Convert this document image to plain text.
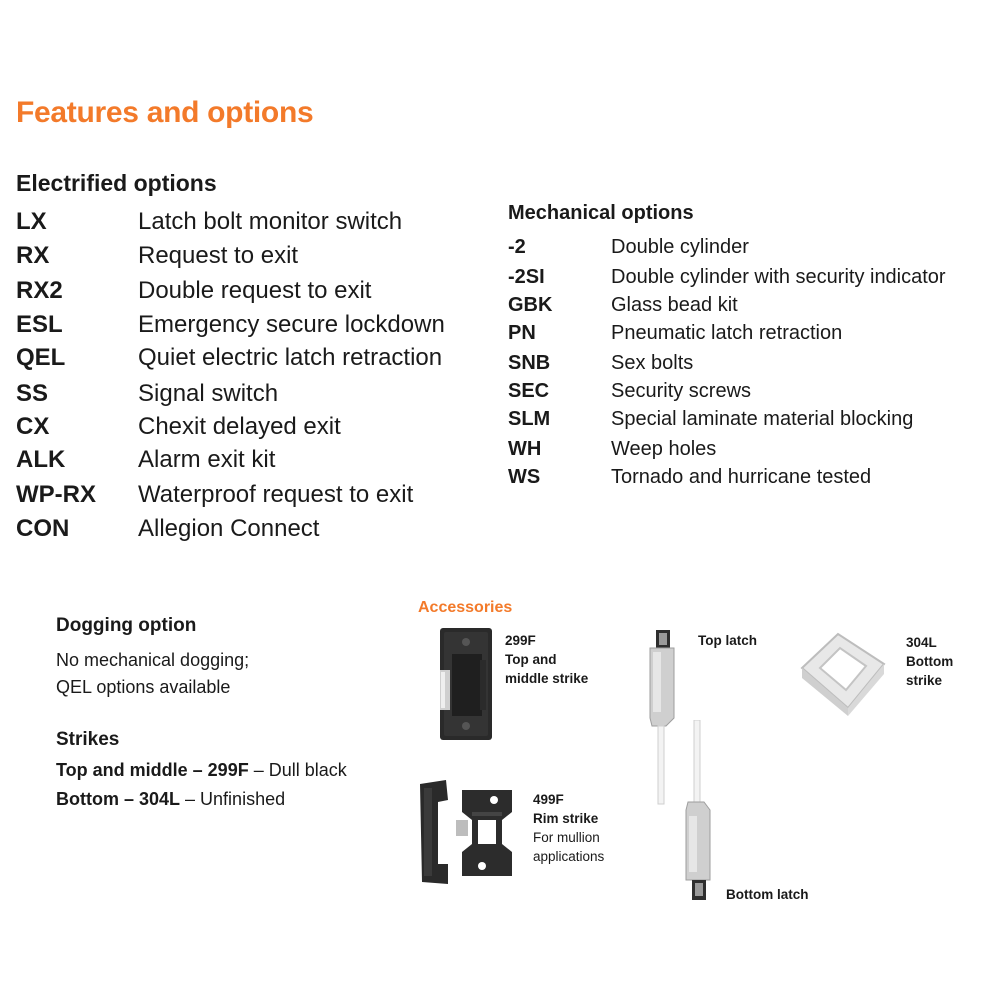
Features and options
Electrified options
LX	Latch bolt monitor switch
RX	Request to exit
RX2	Double request to exit
ESL	Emergency secure lockdown
QEL	Quiet electric latch retraction
SS	Signal switch
CX	Chexit delayed exit
ALK	Alarm exit kit
WP-RX Waterproof request to exit
CON	Allegion Connect
Mechanical options
-2	Double cylinder
-2SI	Double cylinder with security indicator
GBK	Glass bead kit
PN	Pneumatic latch retraction
SNB	Sex bolts
SEC	Security screws
SLM	Special laminate material blocking
WH	Weep holes
WS	Tornado and hurricane tested
Dogging option
No mechanical dogging;
QEL options available
Strikes
Top and middle – 299F – Dull black
Bottom – 304L – Unfinished
Accessories
299F
Top and
middle strike
499F
Rim strike
For mullion
applications
Top latch
Bottom latch
304L
Bottom
strike
